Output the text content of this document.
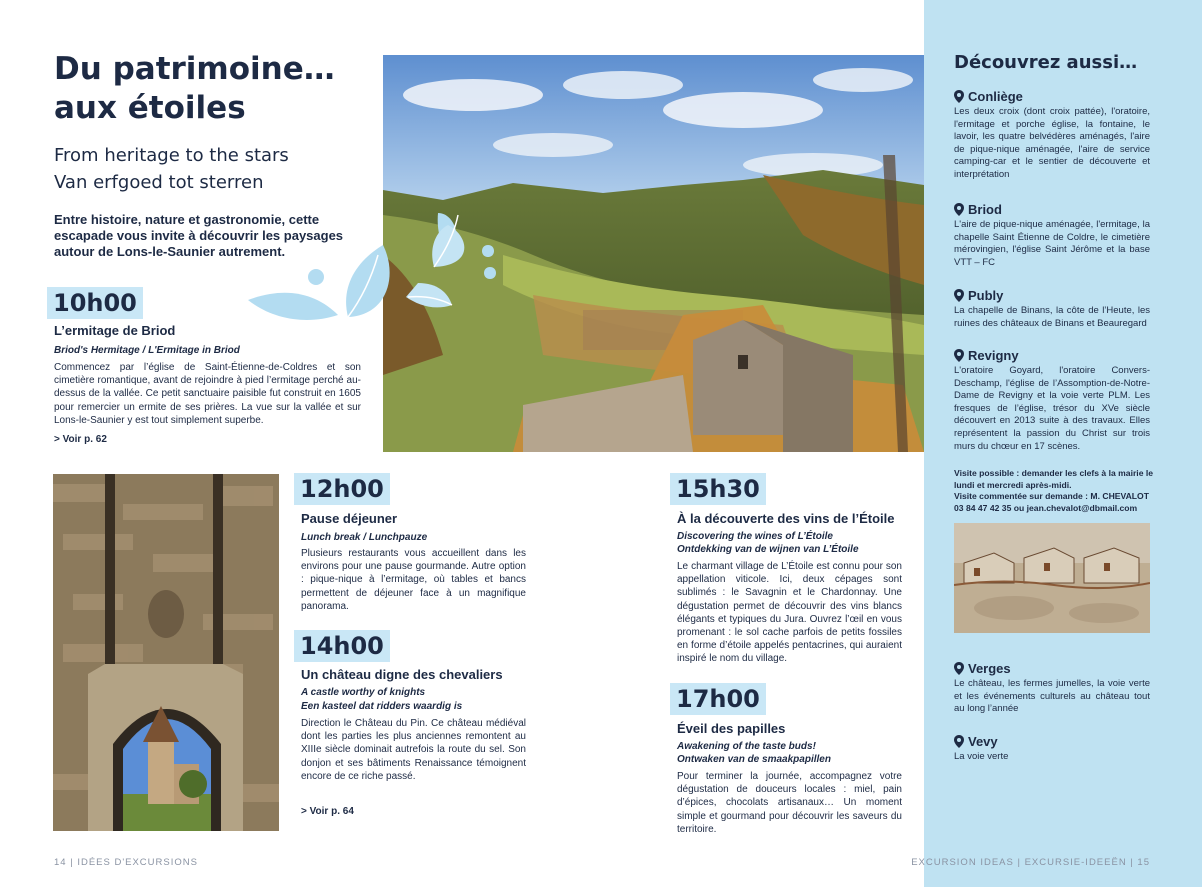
Du patrimoine…
aux étoiles
From heritage to the stars
Van erfgoed tot sterren
Entre histoire, nature et gastronomie, cette escapade vous invite à découvrir les paysages autour de Lons-le-Saunier autrement.
10h00
L’ermitage de Briod
Briod's Hermitage / L'Ermitage in Briod
Commencez par l’église de Saint-Étienne-de-Coldres et son cimetière romantique, avant de rejoindre à pied l’ermitage perché au-dessus de la vallée. Ce petit sanctuaire paisible fut construit en 1605 pour remercier un ermite de ses prières. La vue sur la vallée et sur Lons-le-Saunier y est tout simplement superbe.
> Voir p. 62
12h00
Pause déjeuner
Lunch break / Lunchpauze
Plusieurs restaurants vous accueillent dans les environs pour une pause gourmande. Autre option : pique-nique à l’ermitage, où tables et bancs permettent de déjeuner face à un magnifique panorama.
14h00
Un château digne des chevaliers
A castle worthy of knights
Een kasteel dat ridders waardig is
Direction le Château du Pin. Ce château médiéval dont les parties les plus anciennes remontent au XIIIe siècle dominait autrefois la route du sel. Son donjon et ses bâtiments Renaissance témoignent encore de ce riche passé.
> Voir p. 64
15h30
À la découverte des vins de l’Étoile
Discovering the wines of L’Étoile
Ontdekking van de wijnen van L’Étoile
Le charmant village de L’Étoile est connu pour son appellation viticole. Ici, deux cépages sont sublimés : le Savagnin et le Chardonnay. Une dégustation permet de découvrir des vins blancs élégants et typiques du Jura. Ouvrez l’œil en vous promenant : le sol cache parfois de petits fossiles en forme d’étoile appelés pentacrines, qui auraient inspiré le nom du village.
17h00
Éveil des papilles
Awakening of the taste buds!
Ontwaken van de smaakpapillen
Pour terminer la journée, accompagnez votre dégustation de douceurs locales : miel, pain d’épices, chocolats artisanaux… Un moment simple et gourmand pour découvrir les saveurs du territoire.
Découvrez aussi…
Conliège
Les deux croix (dont croix pattée), l'oratoire, l'ermitage et porche église, la fontaine, le lavoir, les quatre belvédères aménagés, l'aire de pique-nique aménagée, l'aire de service camping-car et le sentier de découverte et interprétation
Briod
L'aire de pique-nique aménagée, l'ermitage, la chapelle Saint Étienne de Coldre, le cimetière mérovingien, l'église Saint Jérôme et la base VTT – FC
Publy
La chapelle de Binans, la côte de l’Heute, les ruines des châteaux de Binans et Beauregard
Revigny
L'oratoire Goyard, l'oratoire Convers-Deschamp, l'église de l’Assomption-de-Notre-Dame de Revigny et la voie verte PLM. Les fresques de l’église, trésor du XVe siècle découvert en 2013 suite à des travaux. Elles représentent la passion du Christ sur trois murs du chœur en 17 scènes.
Visite possible : demander les clefs à la mairie le lundi et mercredi après-midi.
Visite commentée sur demande : M. CHEVALOT
03 84 47 42 35 ou jean.chevalot@dbmail.com
Verges
Le château, les fermes jumelles, la voie verte et les événements culturels au château tout au long l’année
Vevy
La voie verte
14 | IDÉES D'EXCURSIONS	EXCURSION IDEAS | EXCURSIE-IDEEËN | 15
